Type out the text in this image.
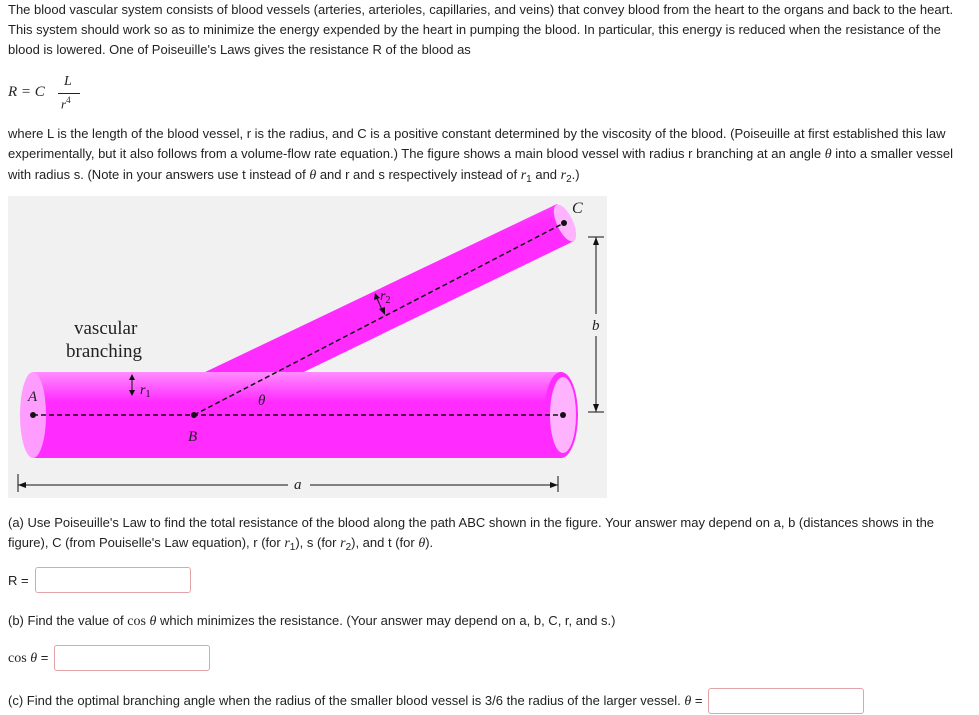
The blood vascular system consists of blood vessels (arteries, arterioles, capillaries, and veins) that convey blood from the heart to the organs and back to the heart. This system should work so as to minimize the energy expended by the heart in pumping the blood. In particular, this energy is reduced when the resistance of the blood is lowered. One of Poiseuille's Laws gives the resistance R of the blood as

R = C
L
$r^4$

where L is the length of the blood vessel, r is the radius, and C is a positive constant determined by the viscosity of the blood. (Poiseuille at first established this law experimentally, but it also follows from a volume-flow rate equation.) The figure shows a main blood vessel with radius r branching at an angle θ into a smaller vessel with radius s. (Note in your answers use t instead of θ and r and s respectively instead of $r_1$ and $r_2$.)

$r_1$
$r_2$
vascular
branching
A
B
C
θ
a
b

(a) Use Poiseuille's Law to find the total resistance of the blood along the path ABC shown in the figure. Your answer may depend on a, b (distances shows in the figure), C (from Pouiselle's Law equation), r (for $r_1$), s (for $r_2$), and t (for θ).

R =

(b) Find the value of cos θ which minimizes the resistance. (Your answer may depend on a, b, C, r, and s.)

cos θ =
(c) Find the optimal branching angle when the radius of the smaller blood vessel is 3/6 the radius of the larger vessel. θ =
